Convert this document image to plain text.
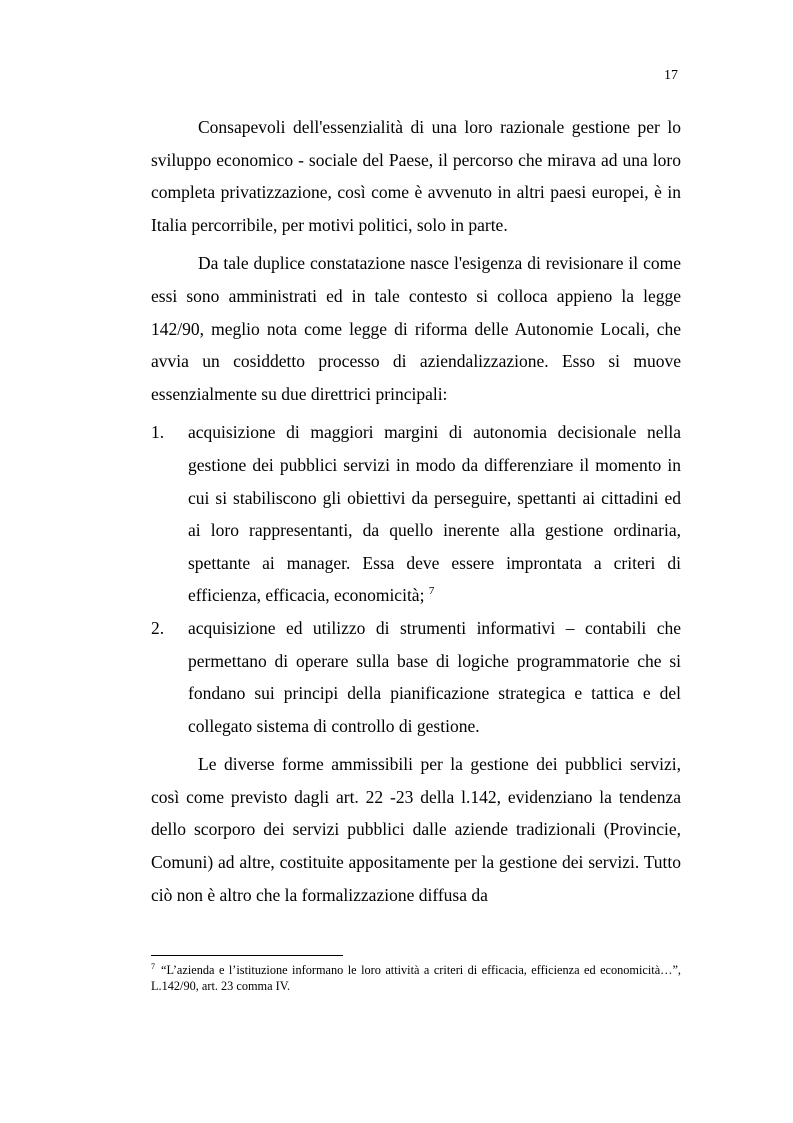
17

Consapevoli dell'essenzialità di una loro razionale gestione per lo sviluppo economico - sociale del Paese, il percorso che mirava ad una loro completa privatizzazione, così come è avvenuto in altri paesi europei, è in Italia percorribile, per motivi politici, solo in parte.

Da tale duplice constatazione nasce l'esigenza di revisionare il come essi sono amministrati ed in tale contesto si colloca appieno la legge 142/90, meglio nota come legge di riforma delle Autonomie Locali, che avvia un cosiddetto processo di aziendalizzazione. Esso si muove essenzialmente su due direttrici principali:

1. acquisizione di maggiori margini di autonomia decisionale nella gestione dei pubblici servizi in modo da differenziare il momento in cui si stabiliscono gli obiettivi da perseguire, spettanti ai cittadini ed ai loro rappresentanti, da quello inerente alla gestione ordinaria, spettante ai manager. Essa deve essere improntata a criteri di efficienza, efficacia, economicità; $^7$
2. acquisizione ed utilizzo di strumenti informativi – contabili che permettano di operare sulla base di logiche programmatorie che si fondano sui principi della pianificazione strategica e tattica e del collegato sistema di controllo di gestione.

Le diverse forme ammissibili per la gestione dei pubblici servizi, così come previsto dagli art. 22 -23 della l.142, evidenziano la tendenza dello scorporo dei servizi pubblici dalle aziende tradizionali (Provincie, Comuni) ad altre, costituite appositamente per la gestione dei servizi. Tutto ciò non è altro che la formalizzazione diffusa da

$^7$ “L’azienda e l’istituzione informano le loro attività a criteri di efficacia, efficienza ed economicità…”, L.142/90, art. 23 comma IV.
